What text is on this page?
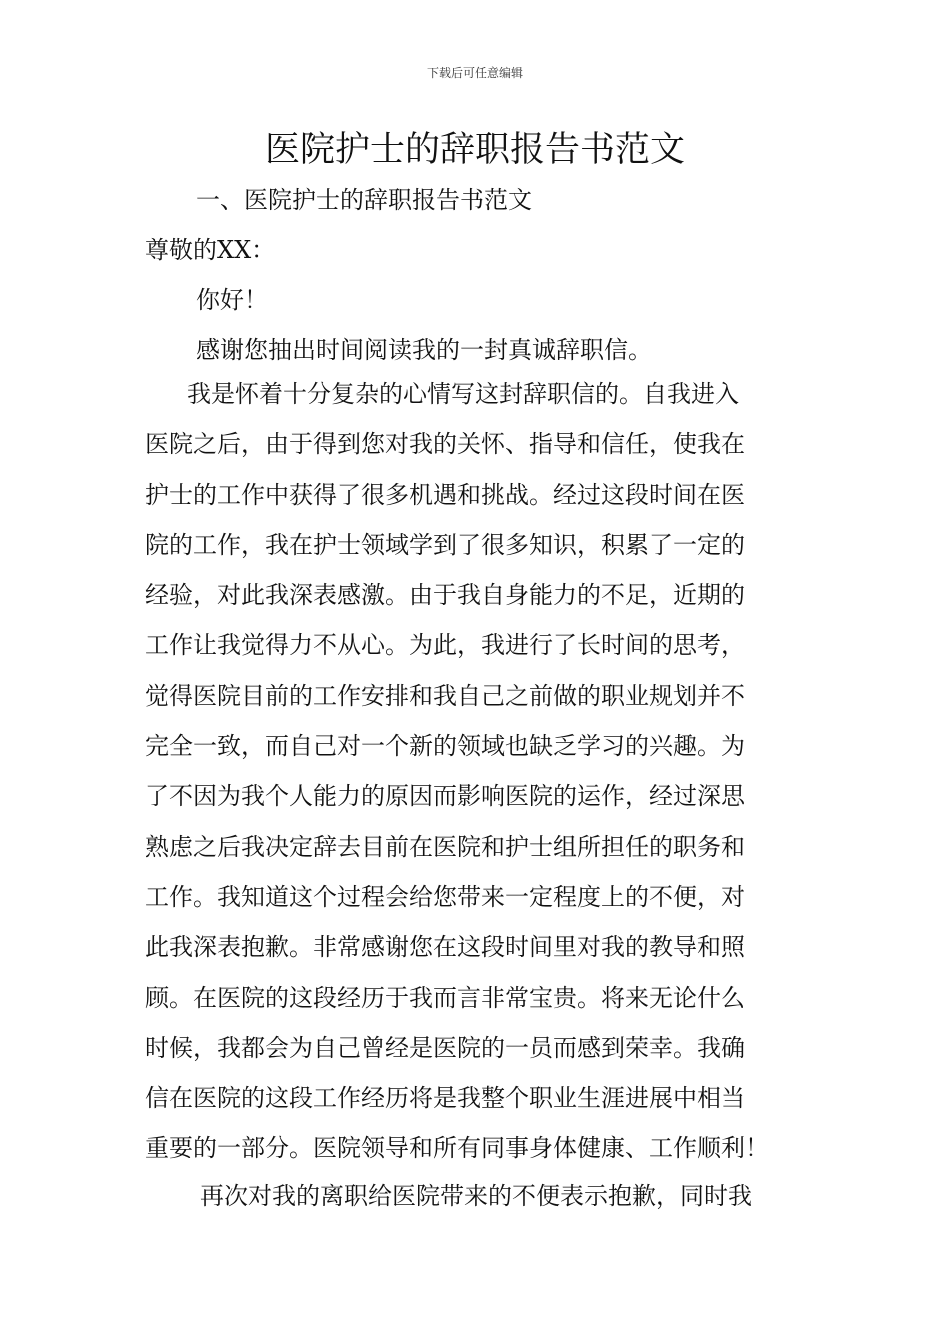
下载后可任意编辑
医院护士的辞职报告书范文
一、医院护士的辞职报告书范文
尊敬的XX：
你好！
感谢您抽出时间阅读我的一封真诚辞职信。
我是怀着十分复杂的心情写这封辞职信的。自我进入
医院之后，由于得到您对我的关怀、指导和信任，使我在
护士的工作中获得了很多机遇和挑战。经过这段时间在医
院的工作，我在护士领域学到了很多知识，积累了一定的
经验，对此我深表感激。由于我自身能力的不足，近期的
工作让我觉得力不从心。为此，我进行了长时间的思考，
觉得医院目前的工作安排和我自己之前做的职业规划并不
完全一致，而自己对一个新的领域也缺乏学习的兴趣。为
了不因为我个人能力的原因而影响医院的运作，经过深思
熟虑之后我决定辞去目前在医院和护士组所担任的职务和
工作。我知道这个过程会给您带来一定程度上的不便，对
此我深表抱歉。非常感谢您在这段时间里对我的教导和照
顾。在医院的这段经历于我而言非常宝贵。将来无论什么
时候，我都会为自己曾经是医院的一员而感到荣幸。我确
信在医院的这段工作经历将是我整个职业生涯进展中相当
重要的一部分。医院领导和所有同事身体健康、工作顺利！
再次对我的离职给医院带来的不便表示抱歉，同时我
